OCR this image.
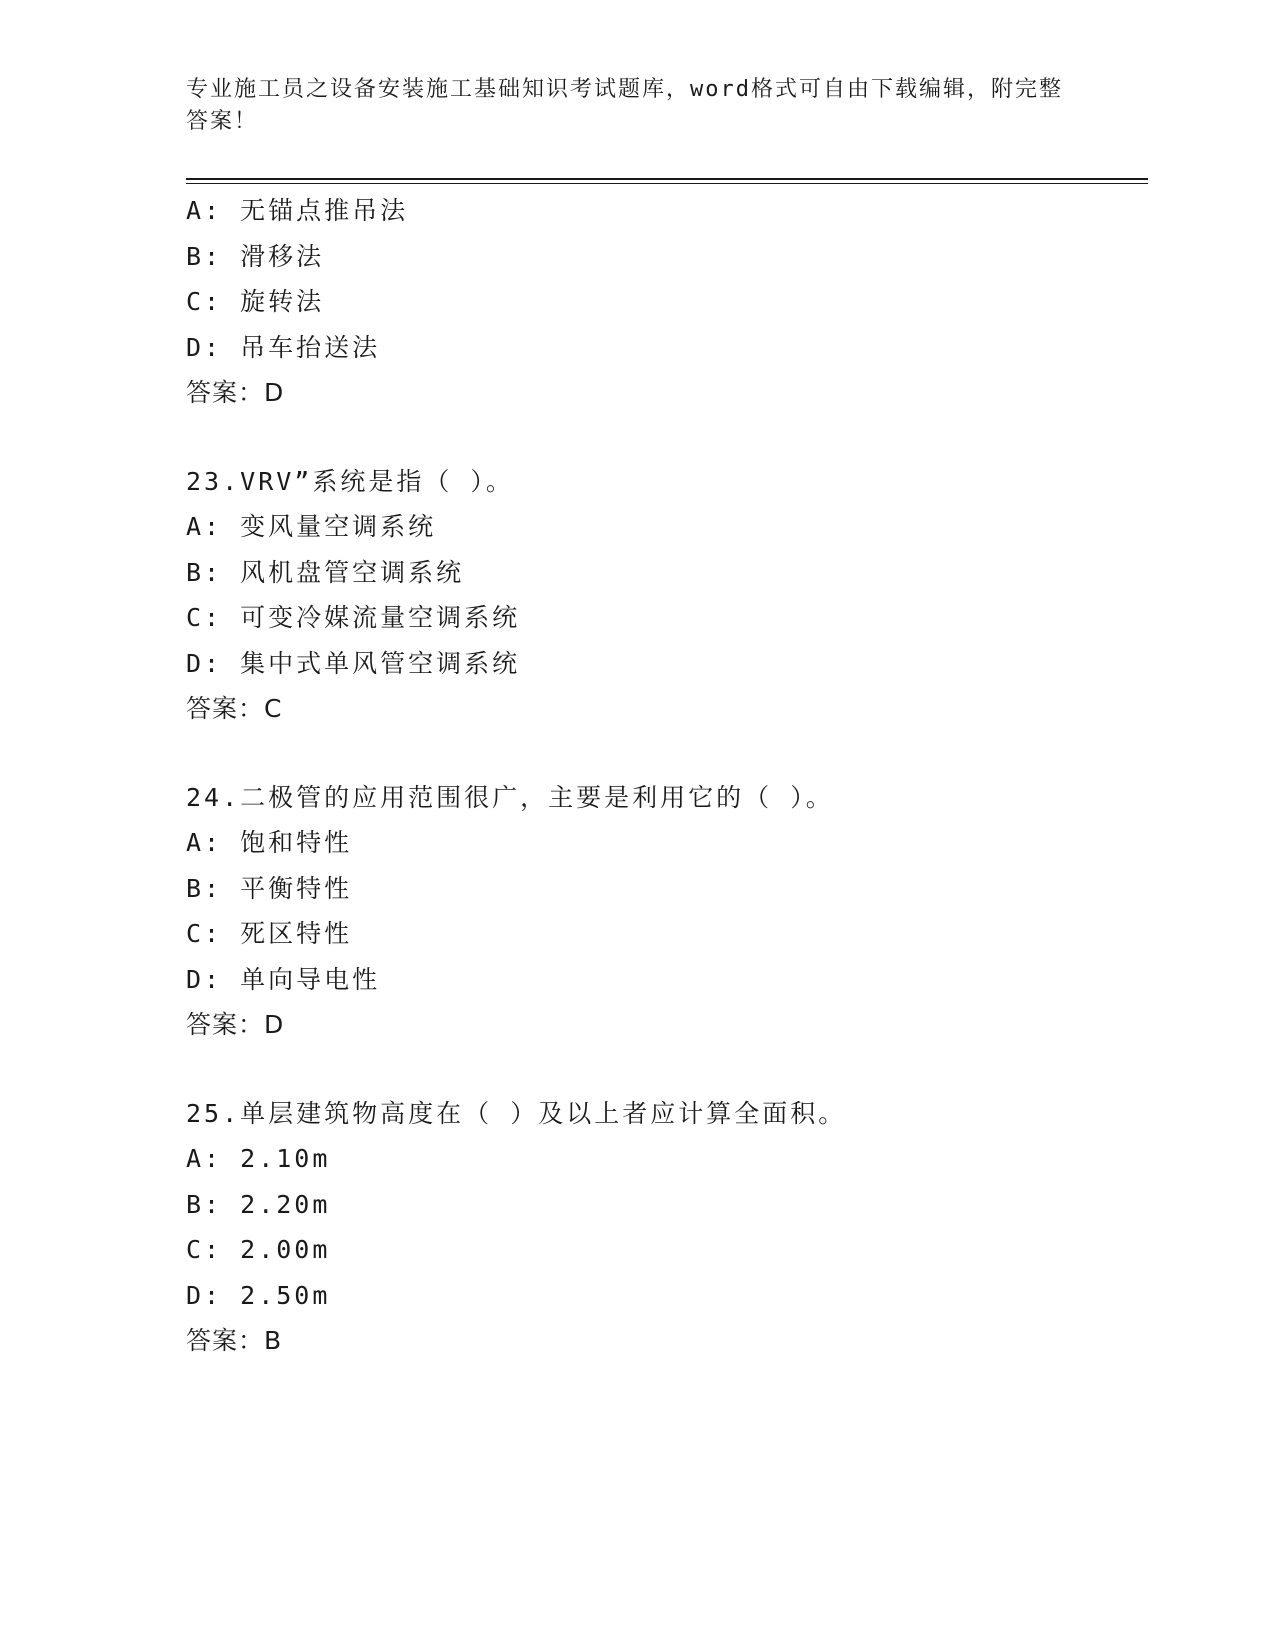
专业施工员之设备安装施工基础知识考试题库，word格式可自由下载编辑，附完整答案！
A: 无锚点推吊法
B: 滑移法
C: 旋转法
D: 吊车抬送法
答案：D
23.VRV”系统是指（ ）。
A: 变风量空调系统
B: 风机盘管空调系统
C: 可变冷媒流量空调系统
D: 集中式单风管空调系统
答案：C
24.二极管的应用范围很广，主要是利用它的（ ）。
A: 饱和特性
B: 平衡特性
C: 死区特性
D: 单向导电性
答案：D
25.单层建筑物高度在（ ）及以上者应计算全面积。
A: 2.10m
B: 2.20m
C: 2.00m
D: 2.50m
答案：B
